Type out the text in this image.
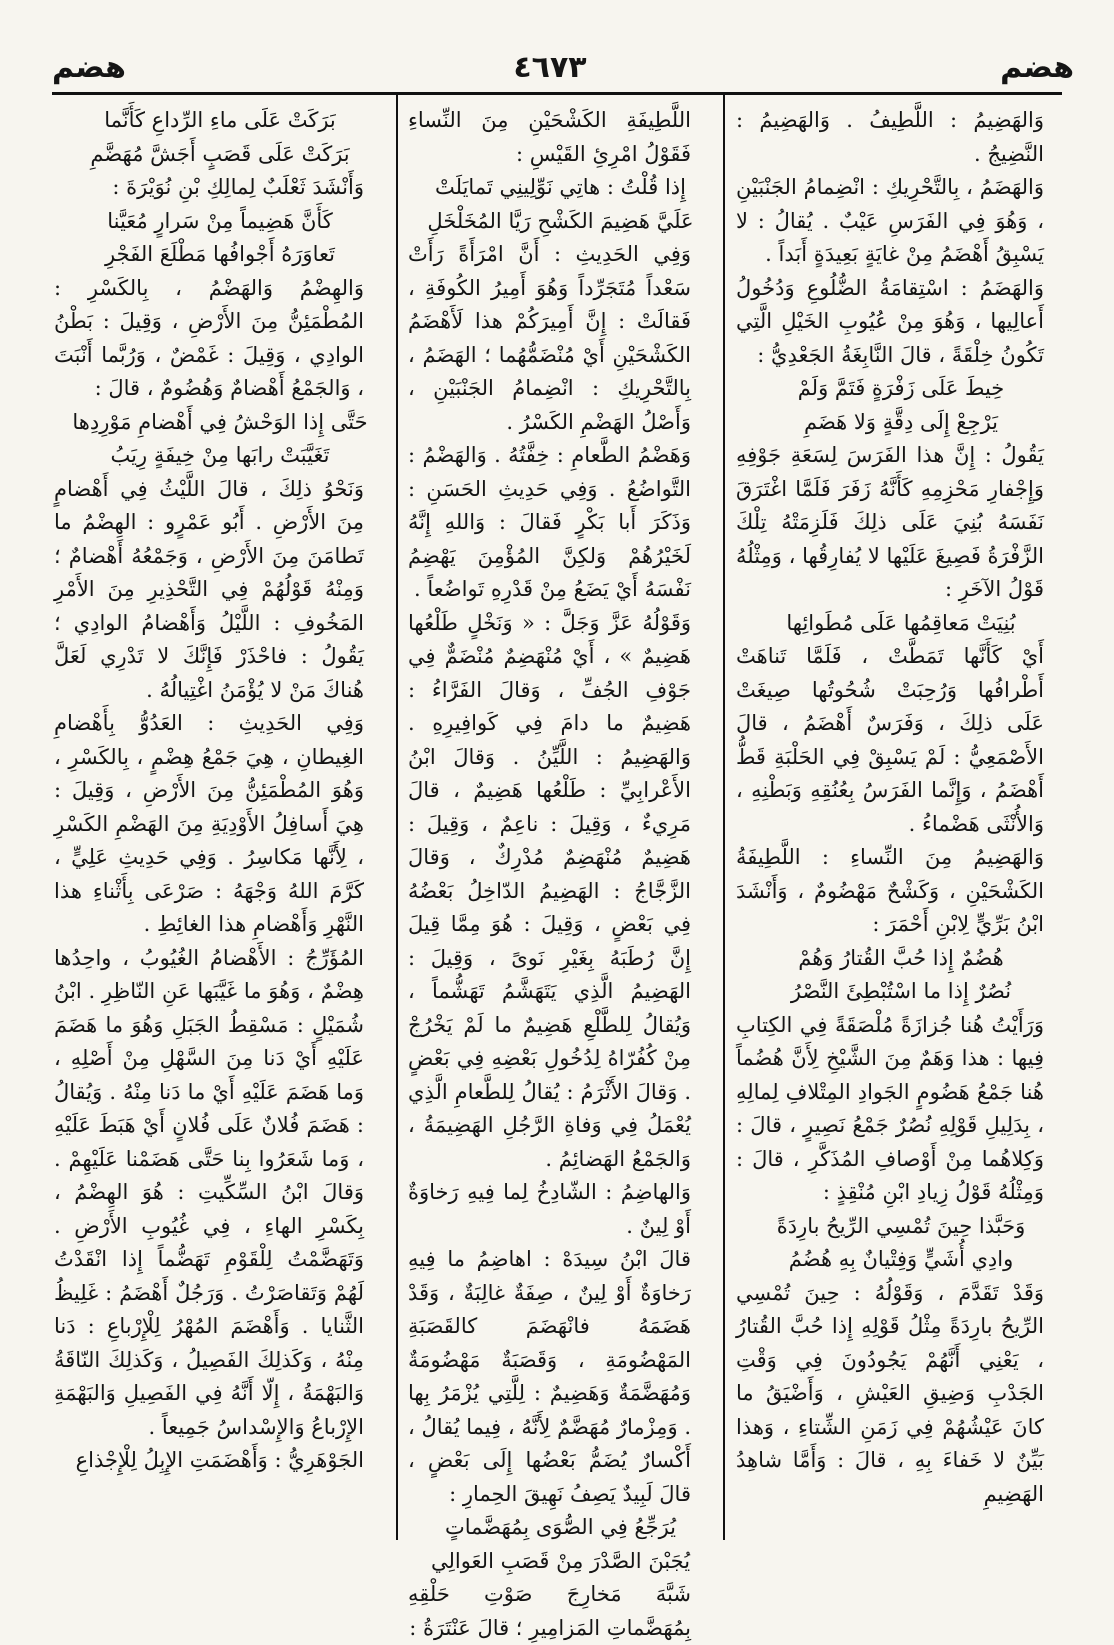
هضم
٤٦٧٣
هضم
وَالهَضِيمُ : اللَّطِيفُ . وَالهَضِيمُ : النَّضِيجُ .
وَالهَضَمُ ، بِالتَّحْرِيكِ : انْضِمامُ الجَنْبَيْنِ ، وَهُوَ فِي الفَرَسِ عَيْبٌ . يُقالُ : لا يَسْبِقُ أَهْضَمُ مِنْ غايَةٍ بَعِيدَةٍ أَبَداً .
وَالهَضَمُ : اسْتِقامَةُ الضُّلُوعِ وَدُخُولُ أَعالِيها ، وَهُوَ مِنْ عُيُوبِ الخَيْلِ الَّتِي تَكُونُ خِلْقَةً ، قالَ النَّابِغَةُ الجَعْدِيُّ :
خِيطَ عَلَى زَفْرَةٍ فَتَمَّ وَلَمْ
يَرْجِعْ إِلَى دِقَّةٍ وَلا هَضَمِ
يَقُولُ : إِنَّ هذا الفَرَسَ لِسَعَةِ جَوْفِهِ وَإِجْفارِ مَحْزِمِهِ كَأَنَّهُ زَفَرَ فَلَمَّا اغْتَرَقَ نَفَسَهُ بُنِيَ عَلَى ذلِكَ فَلَزِمَتْهُ تِلْكَ الزَّفْرَةُ فَصِيغَ عَلَيْها لا يُفارِقُها ، وَمِثْلُهُ قَوْلُ الآخَرِ :
بُنِيَتْ مَعاقِمُها عَلَى مُطَوائِها
أَيْ كَأَنَّها تَمَطَّتْ ، فَلَمَّا تَناهَتْ أَطْرافُها وَرُحِبَتْ شُحُوتُها صِيغَتْ عَلَى ذلِكَ ، وَفَرَسٌ أَهْضَمُ ، قالَ الأَصْمَعِيُّ : لَمْ يَسْبِقْ فِي الحَلْبَةِ قَطُّ أَهْضَمُ ، وَإِنَّما الفَرَسُ بِعُنُقِهِ وَبَطْنِهِ ، وَالأُنْثَى هَضْماءُ .
وَالهَضِيمُ مِنَ النِّساءِ : اللَّطِيفَةُ الكَشْحَيْنِ ، وَكَشْحٌ مَهْضُومٌ ، وَأَنْشَدَ ابْنُ بَرِّيٍّ لِابْنِ أَحْمَرَ :
هُضُمٌ إِذا حُبَّ القُتارُ وَهُمْ
نُصُرٌ إِذا ما اسْتُبْطِئَ النَّصْرُ
وَرَأَيْتُ هُنا جُزازَةً مُلْصَقَةً فِي الكِتابِ فِيها : هذا وَهَمٌ مِنَ الشَّيْخِ لِأَنَّ هُضُماً هُنا جَمْعُ هَضُومٍ الجَوادِ المِتْلافِ لِمالِهِ ، بِدَلِيلِ قَوْلِهِ نُصُرٌ جَمْعُ نَصِيرٍ ، قالَ : وَكِلاهُما مِنْ أَوْصافِ المُذَكَّرِ ، قالَ : وَمِثْلُهُ قَوْلُ زِيادِ ابْنِ مُنْقِذٍ :
وَحَبَّذا حِينَ تُمْسِي الرِّيحُ بارِدَةً
وادِي أُشَيٍّ وَفِتْيانٌ بِهِ هُضُمُ
وَقَدْ تَقَدَّمَ ، وَقَوْلُهُ : حِينَ تُمْسِي الرِّيحُ بارِدَةً مِثْلُ قَوْلِهِ إِذا حُبَّ القُتارُ ، يَعْنِي أَنَّهُمْ يَجُودُونَ فِي وَقْتِ الجَدْبِ وَضِيقِ العَيْشِ ، وَأَضْيَقُ ما كانَ عَيْشُهُمْ فِي زَمَنِ الشِّتاءِ ، وَهذا بَيِّنٌ لا خَفاءَ بِهِ ، قالَ : وَأَمَّا شاهِدُ الهَضِيمِ
اللَّطِيفَةِ الكَشْحَيْنِ مِنَ النِّساءِ فَقَوْلُ امْرِئِ القَيْسِ :
إِذا قُلْتُ : هاتِي نَوِّلِينِي تَمايَلَتْ
عَلَيَّ هَضِيمَ الكَشْحِ رَيَّا المُخَلْخَلِ
وَفِي الحَدِيثِ : أَنَّ امْرَأَةً رَأَتْ سَعْداً مُتَجَرِّداً وَهُوَ أَمِيرُ الكُوفَةِ ، فَقالَتْ : إِنَّ أَمِيرَكُمْ هذا لَأَهْضَمُ الكَشْحَيْنِ أَيْ مُنْضَمُّهُما ؛ الهَضَمُ ، بِالتَّحْرِيكِ : انْضِمامُ الجَنْبَيْنِ ، وَأَصْلُ الهَضْمِ الكَسْرُ .
وَهَضْمُ الطَّعامِ : خِفَّتُهُ . وَالهَضْمُ : التَّواضُعُ . وَفِي حَدِيثِ الحَسَنِ : وَذَكَرَ أَبا بَكْرٍ فَقالَ : وَاللهِ إِنَّهُ لَخَيْرُهُمْ وَلكِنَّ المُؤْمِنَ يَهْضِمُ نَفْسَهُ أَيْ يَضَعُ مِنْ قَدْرِهِ تَواضُعاً .
وَقَوْلُهُ عَزَّ وَجَلَّ : « وَنَخْلٍ طَلْعُها هَضِيمٌ » ، أَيْ مُنْهَضِمٌ مُنْضَمٌّ فِي جَوْفِ الجُفِّ ، وَقالَ الفَرَّاءُ : هَضِيمٌ ما دامَ فِي كَوافِيرِهِ . وَالهَضِيمُ : اللَّيِّنُ . وَقالَ ابْنُ الأَعْرابِيِّ : طَلْعُها هَضِيمٌ ، قالَ مَرِيءٌ ، وَقِيلَ : ناعِمٌ ، وَقِيلَ : هَضِيمٌ مُنْهَضِمٌ مُدْرِكٌ ، وَقالَ الزَّجَّاجُ : الهَضِيمُ الدّاخِلُ بَعْضُهُ فِي بَعْضٍ ، وَقِيلَ : هُوَ مِمَّا قِيلَ إِنَّ رُطَبَهُ بِغَيْرِ نَوىً ، وَقِيلَ : الهَضِيمُ الَّذِي يَتَهَشَّمُ تَهَشُّماً ، وَيُقالُ لِلطَّلْعِ هَضِيمٌ ما لَمْ يَخْرُجْ مِنْ كُفُرّاهُ لِدُخُولِ بَعْضِهِ فِي بَعْضٍ . وَقالَ الأَثْرَمُ : يُقالُ لِلطَّعامِ الَّذِي يُعْمَلُ فِي وَفاةِ الرَّجُلِ الهَضِيمَةُ ، وَالجَمْعُ الهَضائِمُ .
وَالهاضِمُ : الشّادِخُ لِما فِيهِ رَخاوَةٌ أَوْ لِينٌ .
قالَ ابْنُ سِيدَهْ : اهاضِمُ ما فِيهِ رَخاوَةٌ أَوْ لِينٌ ، صِفَةٌ غالِبَةٌ ، وَقَدْ هَضَمَهُ فانْهَضَمَ كالقَصَبَةِ المَهْضُومَةِ ، وَقَصَبَةٌ مَهْضُومَةٌ وَمُهَضَّمَةٌ وَهَضِيمٌ : لِلَّتِي يُزْمَرُ بِها . وَمِزْمارٌ مُهَضَّمٌ لِأَنَّهُ ، فِيما يُقالُ ، أَكْسارٌ يُضَمُّ بَعْضُها إِلَى بَعْضٍ ، قالَ لَبِيدٌ يَصِفُ نَهِيقَ الحِمارِ :
يُرَجِّعُ فِي الصُّوَى بِمُهَضَّماتٍ
يُجَبْنَ الصَّدْرَ مِنْ قَصَبِ العَوالِي
شَبَّهَ مَخارِجَ صَوْتِ حَلْقِهِ بِمُهَضَّماتِ المَزامِيرِ ؛ قالَ عَنْتَرَةُ :
بَرَكَتْ عَلَى ماءِ الرِّداعِ كَأَنَّما
بَرَكَتْ عَلَى قَصَبٍ أَجَشَّ مُهَضَّمِ
وَأَنْشَدَ ثَعْلَبٌ لِمالِكِ بْنِ نُوَيْرَةَ :
كَأَنَّ هَضِيماً مِنْ سَرارٍ مُعَيَّنا
تَعاوَرَهُ أَجْوافُها مَطْلَعَ الفَجْرِ
وَالهِضْمُ وَالهَضْمُ ، بِالكَسْرِ : المُطْمَئِنُّ مِنَ الأَرْضِ ، وَقِيلَ : بَطْنُ الوادِي ، وَقِيلَ : غَمْضٌ ، وَرُبَّما أَنْبَتَ ، وَالجَمْعُ أَهْضامٌ وَهُضُومٌ ، قالَ :
حَتَّى إِذا الوَحْشُ فِي أَهْضامِ مَوْرِدِها
تَغَيَّبَتْ رابَها مِنْ خِيفَةٍ رِيَبُ
وَنَحْوُ ذلِكَ ، قالَ اللَّيْثُ فِي أَهْضامٍ مِنَ الأَرْضِ . أَبُو عَمْرٍو : الهِضْمُ ما تَطامَنَ مِنَ الأَرْضِ ، وَجَمْعُهُ أَهْضامٌ ؛ وَمِنْهُ قَوْلُهُمْ فِي التَّحْذِيرِ مِنَ الأَمْرِ المَخُوفِ : اللَّيْلُ وَأَهْضامُ الوادِي ؛ يَقُولُ : فاحْذَرْ فَإِنَّكَ لا تَدْرِي لَعَلَّ هُناكَ مَنْ لا يُؤْمَنُ اغْتِيالُهُ .
وَفِي الحَدِيثِ : العَدُوُّ بِأَهْضامِ الغِيطانِ ، هِيَ جَمْعُ هِضْمٍ ، بِالكَسْرِ ، وَهُوَ المُطْمَئِنُّ مِنَ الأَرْضِ ، وَقِيلَ : هِيَ أَسافِلُ الأَوْدِيَةِ مِنَ الهَضْمِ الكَسْرِ ، لِأَنَّها مَكاسِرُ . وَفِي حَدِيثِ عَلِيٍّ ، كَرَّمَ اللهُ وَجْهَهُ : صَرْعَى بِأَثْناءِ هذا النَّهْرِ وَأَهْضامِ هذا الغائِطِ .
المُؤَرِّجُ : الأَهْضامُ الغُيُوبُ ، واحِدُها هِضْمٌ ، وَهُوَ ما غَيَّبَها عَنِ النّاظِرِ . ابْنُ شُمَيْلٍ : مَسْقِطُ الجَبَلِ وَهُوَ ما هَضَمَ عَلَيْهِ أَيْ دَنا مِنَ السَّهْلِ مِنْ أَصْلِهِ ، وَما هَضَمَ عَلَيْهِ أَيْ ما دَنا مِنْهُ . وَيُقالُ : هَضَمَ فُلانٌ عَلَى فُلانٍ أَيْ هَبَطَ عَلَيْهِ ، وَما شَعَرُوا بِنا حَتَّى هَضَمْنا عَلَيْهِمْ . وَقالَ ابْنُ السِّكِّيتِ : هُوَ الهِضْمُ ، بِكَسْرِ الهاءِ ، فِي غُيُوبِ الأَرْضِ . وَتَهَضَّمْتُ لِلْقَوْمِ تَهَضُّماً إِذا انْقَدْتُ لَهُمْ وَتَقاصَرْتُ . وَرَجُلٌ أَهْضَمُ : غَلِيظُ الثَّنايا . وَأَهْضَمَ المُهْرُ لِلْإِرْباعِ : دَنا مِنْهُ ، وَكَذلِكَ الفَصِيلُ ، وَكَذلِكَ النّاقَةُ وَالبَهْمَةُ ، إِلّا أَنَّهُ فِي الفَصِيلِ وَالبَهْمَةِ الإِرْباعُ وَالإِسْداسُ جَمِيعاً .
الجَوْهَرِيُّ : وَأَهْضَمَتِ الإِبِلُ لِلْإِجْذاعِ
